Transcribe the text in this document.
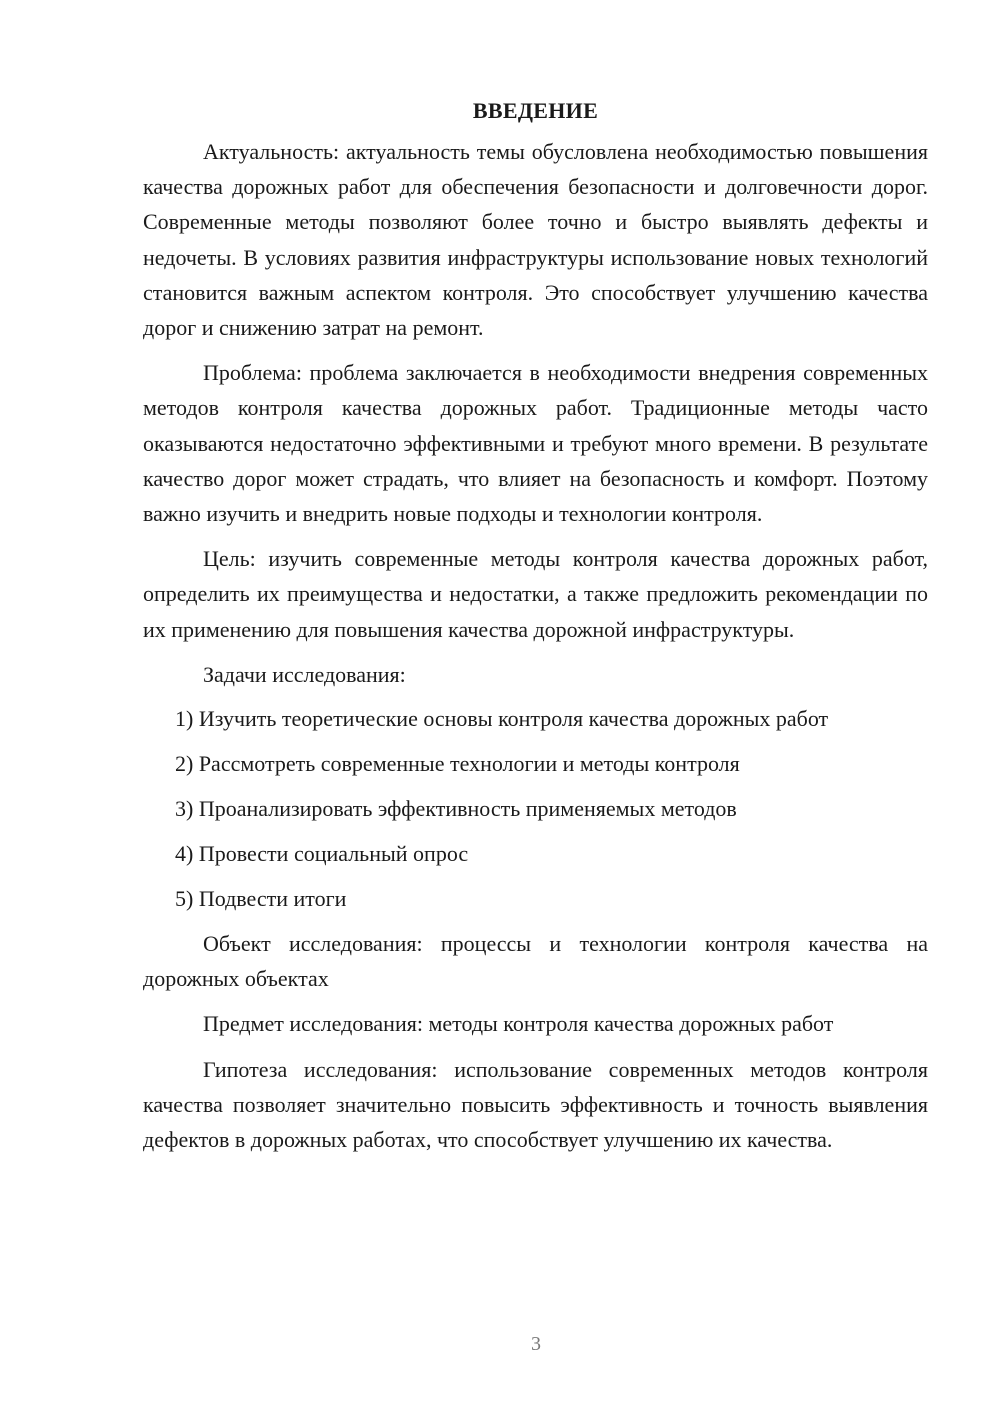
ВВЕДЕНИЕ

Актуальность: актуальность темы обусловлена необходимостью повышения качества дорожных работ для обеспечения безопасности и долговечности дорог. Современные методы позволяют более точно и быстро выявлять дефекты и недочеты. В условиях развития инфраструктуры использование новых технологий становится важным аспектом контроля. Это способствует улучшению качества дорог и снижению затрат на ремонт.

Проблема: проблема заключается в необходимости внедрения современных методов контроля качества дорожных работ. Традиционные методы часто оказываются недостаточно эффективными и требуют много времени. В результате качество дорог может страдать, что влияет на безопасность и комфорт. Поэтому важно изучить и внедрить новые подходы и технологии контроля.

Цель: изучить современные методы контроля качества дорожных работ, определить их преимущества и недостатки, а также предложить рекомендации по их применению для повышения качества дорожной инфраструктуры.

Задачи исследования:

1) Изучить теоретические основы контроля качества дорожных работ
2) Рассмотреть современные технологии и методы контроля
3) Проанализировать эффективность применяемых методов
4) Провести социальный опрос
5) Подвести итоги

Объект исследования: процессы и технологии контроля качества на дорожных объектах

Предмет исследования: методы контроля качества дорожных работ

Гипотеза исследования: использование современных методов контроля качества позволяет значительно повысить эффективность и точность выявления дефектов в дорожных работах, что способствует улучшению их качества.

3
